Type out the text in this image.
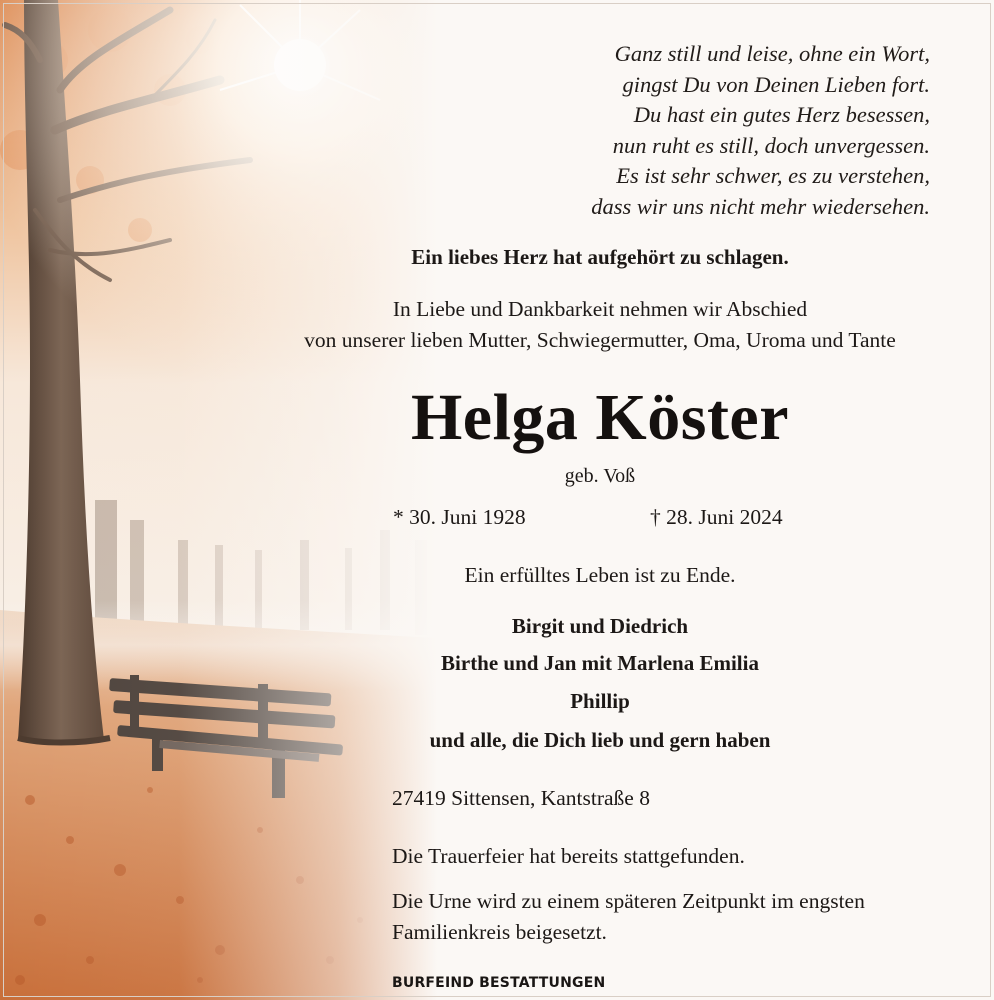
Ganz still und leise, ohne ein Wort,
gingst Du von Deinen Lieben fort.
Du hast ein gutes Herz besessen,
nun ruht es still, doch unvergessen.
Es ist sehr schwer, es zu verstehen,
dass wir uns nicht mehr wiedersehen.

Ein liebes Herz hat aufgehört zu schlagen.

In Liebe und Dankbarkeit nehmen wir Abschied

von unserer lieben Mutter, Schwiegermutter, Oma, Uroma und Tante

Helga Köster

geb. Voß

* 30. Juni 1928	† 28. Juni 2024

Ein erfülltes Leben ist zu Ende.

Birgit und Diedrich

Birthe und Jan mit Marlena Emilia

Phillip

und alle, die Dich lieb und gern haben

27419 Sittensen, Kantstraße 8

Die Trauerfeier hat bereits stattgefunden.

Die Urne wird zu einem späteren Zeitpunkt im engsten

Familienkreis beigesetzt.

BURFEIND BESTATTUNGEN
